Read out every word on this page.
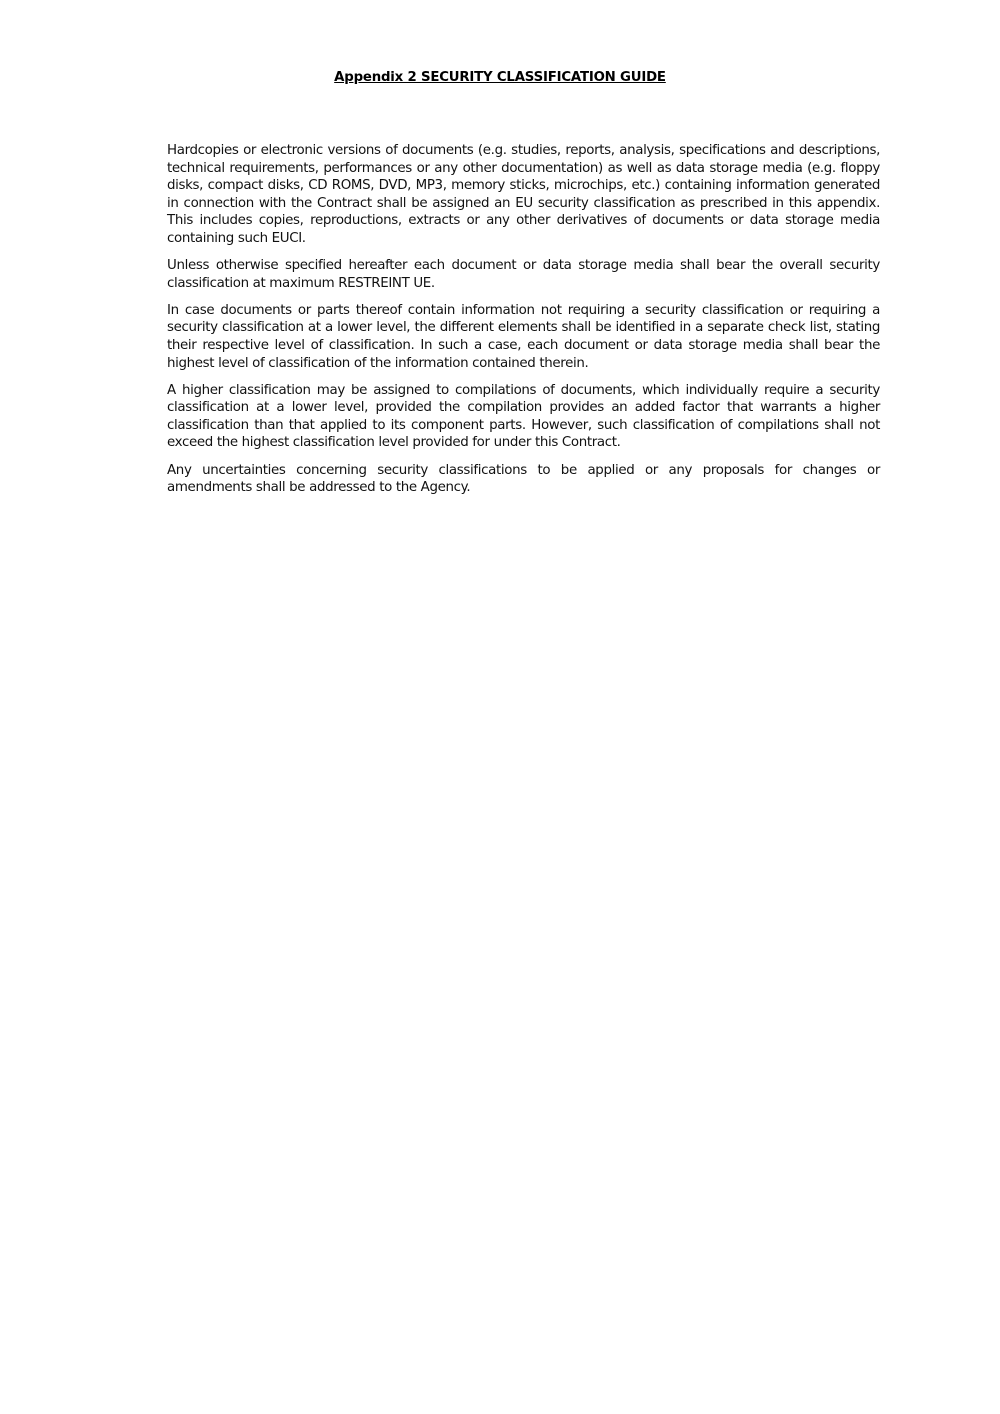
Appendix 2 SECURITY CLASSIFICATION GUIDE

Hardcopies or electronic versions of documents (e.g. studies, reports, analysis, specifications and descriptions, technical requirements, performances or any other documentation) as well as data storage media (e.g. floppy disks, compact disks, CD ROMS, DVD, MP3, memory sticks, microchips, etc.) containing information generated in connection with the Contract shall be assigned an EU security classification as prescribed in this appendix. This includes copies, reproductions, extracts or any other derivatives of documents or data storage media containing such EUCI.

Unless otherwise specified hereafter each document or data storage media shall bear the overall security classification at maximum RESTREINT UE.

In case documents or parts thereof contain information not requiring a security classification or requiring a security classification at a lower level, the different elements shall be identified in a separate check list, stating their respective level of classification. In such a case, each document or data storage media shall bear the highest level of classification of the information contained therein.

A higher classification may be assigned to compilations of documents, which individually require a security classification at a lower level, provided the compilation provides an added factor that warrants a higher classification than that applied to its component parts. However, such classification of compilations shall not exceed the highest classification level provided for under this Contract.

Any uncertainties concerning security classifications to be applied or any proposals for changes or amendments shall be addressed to the Agency.
